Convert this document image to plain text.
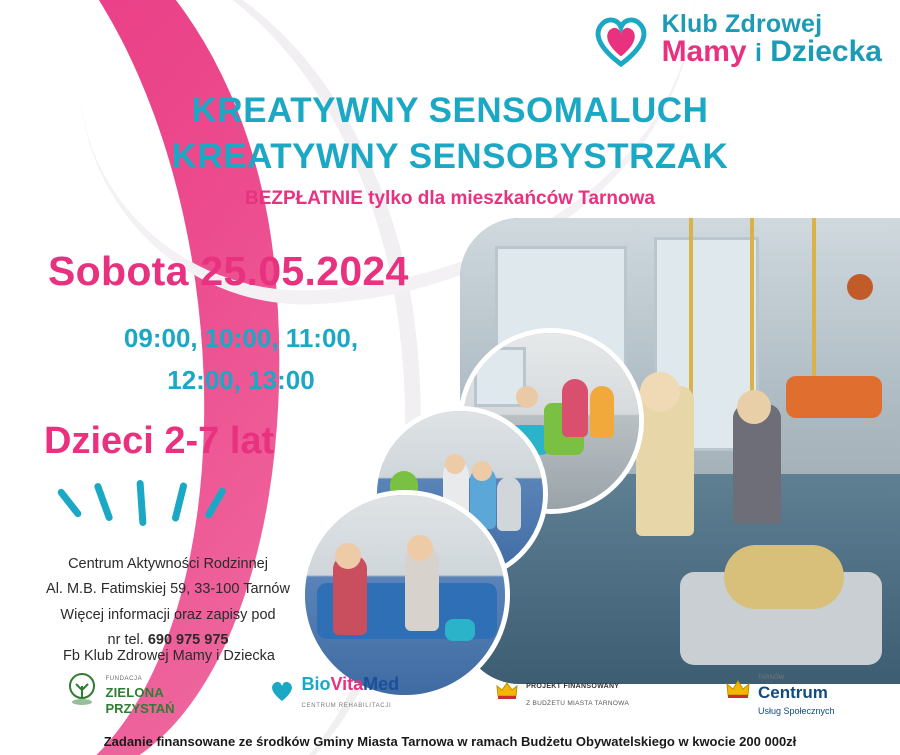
Klub Zdrowej
Mamy i Dziecka
KREATYWNY SENSOMALUCH
KREATYWNY SENSOBYSTRZAK
BEZPŁATNIE tylko dla mieszkańców Tarnowa
Sobota 25.05.2024
09:00, 10:00, 11:00,
12:00, 13:00
Dzieci 2-7 lat
Centrum Aktywności Rodzinnej
Al. M.B. Fatimskiej 59, 33-100 Tarnów
Więcej informacji oraz zapisy pod
nr tel. 690 975 975
Fb Klub Zdrowej Mamy i Dziecka
FUNDACJA
ZIELONA
PRZYSTAŃ
BioVitaMed
CENTRUM REHABILITACJI
PROJEKT FINANSOWANY
Z BUDŻETU MIASTA TARNOWA
TARNÓW
Centrum
Usług Społecznych
Zadanie finansowane ze środków Gminy Miasta Tarnowa w ramach Budżetu Obywatelskiego w kwocie 200 000zł
